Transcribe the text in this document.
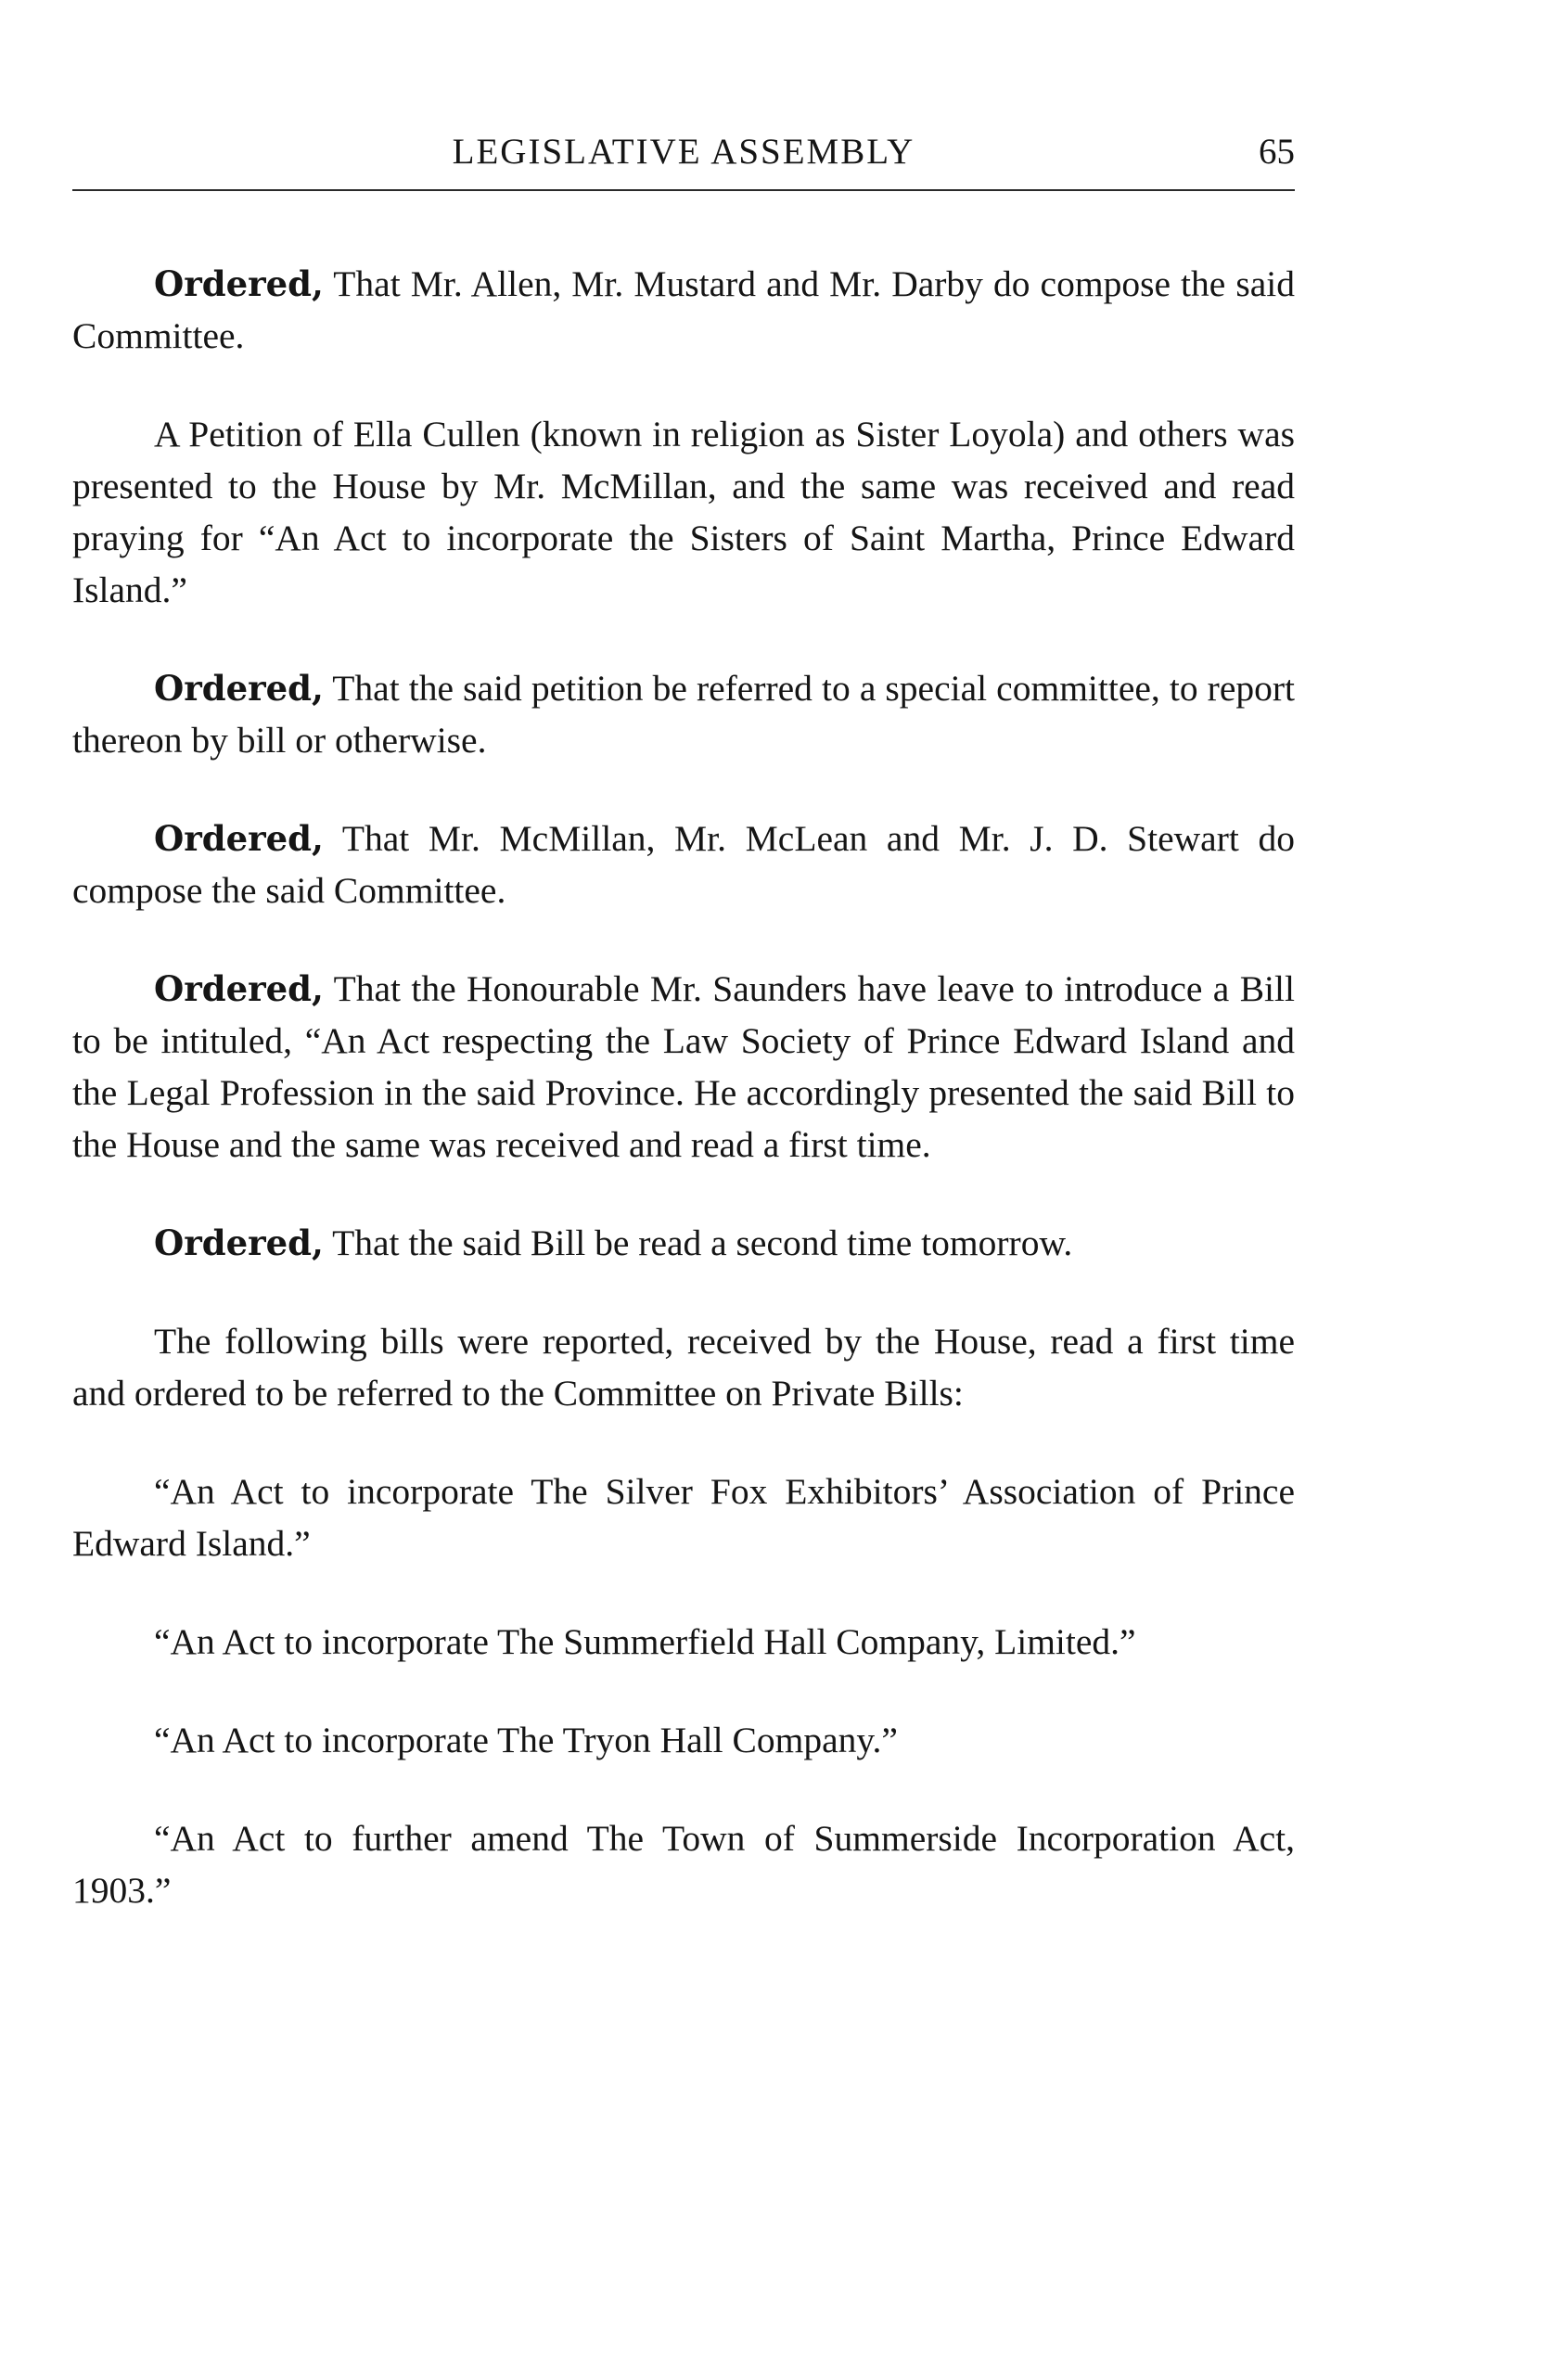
LEGISLATIVE ASSEMBLY	65

Ordered, That Mr. Allen, Mr. Mustard and Mr. Darby do compose the said Committee.

A Petition of Ella Cullen (known in religion as Sister Loyola) and others was presented to the House by Mr. McMillan, and the same was received and read praying for “An Act to incorporate the Sisters of Saint Martha, Prince Edward Island.”

Ordered, That the said petition be referred to a special committee, to report thereon by bill or otherwise.

Ordered, That Mr. McMillan, Mr. McLean and Mr. J. D. Stewart do compose the said Committee.

Ordered, That the Honourable Mr. Saunders have leave to introduce a Bill to be intituled, “An Act respecting the Law Society of Prince Edward Island and the Legal Profession in the said Province. He accordingly presented the said Bill to the House and the same was received and read a first time.

Ordered, That the said Bill be read a second time tomorrow.

The following bills were reported, received by the House, read a first time and ordered to be referred to the Committee on Private Bills:

“An Act to incorporate The Silver Fox Exhibitors’ Association of Prince Edward Island.”

“An Act to incorporate The Summerfield Hall Company, Limited.”

“An Act to incorporate The Tryon Hall Company.”

“An Act to further amend The Town of Summerside Incorporation Act, 1903.”
